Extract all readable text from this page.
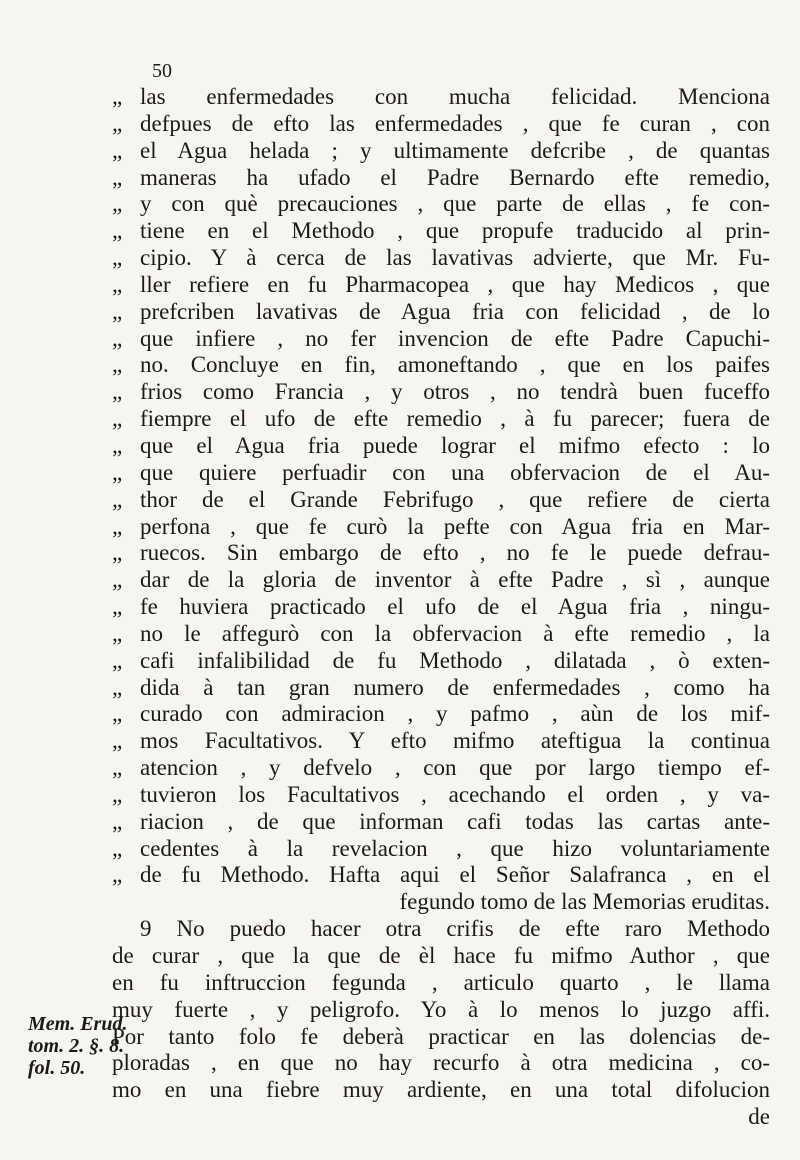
50
Mem. Erud.
tom. 2. §. 8.
fol. 50.
„ las enfermedades con mucha felicidad. Menciona
„ defpues de efto las enfermedades , que fe curan , con
„ el Agua helada ; y ultimamente defcribe , de quantas
„ maneras ha ufado el Padre Bernardo efte remedio,
„ y con què precauciones , que parte de ellas , fe con-
„ tiene en el Methodo , que propufe traducido al prin-
„ cipio. Y à cerca de las lavativas advierte, que Mr. Fu-
„ ller refiere en fu Pharmacopea , que hay Medicos , que
„ prefcriben lavativas de Agua fria con felicidad , de lo
„ que infiere , no fer invencion de efte Padre Capuchi-
„ no. Concluye en fin, amoneftando , que en los paifes
„ frios como Francia , y otros , no tendrà buen fuceffo
„ fiempre el ufo de efte remedio , à fu parecer; fuera de
„ que el Agua fria puede lograr el mifmo efecto : lo
„ que quiere perfuadir con una obfervacion de el Au-
„ thor de el Grande Febrifugo , que refiere de cierta
„ perfona , que fe curò la pefte con Agua fria en Mar-
„ ruecos. Sin embargo de efto , no fe le puede defrau-
„ dar de la gloria de inventor à efte Padre , sì , aunque
„ fe huviera practicado el ufo de el Agua fria , ningu-
„ no le affegurò con la obfervacion à efte remedio , la
„ cafi infalibilidad de fu Methodo , dilatada , ò exten-
„ dida à tan gran numero de enfermedades , como ha
„ curado con admiracion , y pafmo , aùn de los mif-
„ mos Facultativos. Y efto mifmo ateftigua la continua
„ atencion , y defvelo , con que por largo tiempo ef-
„ tuvieron los Facultativos , acechando el orden , y va-
„ riacion , de que informan cafi todas las cartas ante-
„ cedentes à la revelacion , que hizo voluntariamente
„ de fu Methodo. Hafta aqui el Señor Salafranca , en el
fegundo tomo de las Memorias eruditas.
9 No puedo hacer otra crifis de efte raro Methodo
de curar , que la que de èl hace fu mifmo Author , que
en fu inftruccion fegunda , articulo quarto , le llama
muy fuerte , y peligrofo. Yo à lo menos lo juzgo affi.
Por tanto folo fe deberà practicar en las dolencias de-
ploradas , en que no hay recurfo à otra medicina , co-
mo en una fiebre muy ardiente, en una total difolucion
de
